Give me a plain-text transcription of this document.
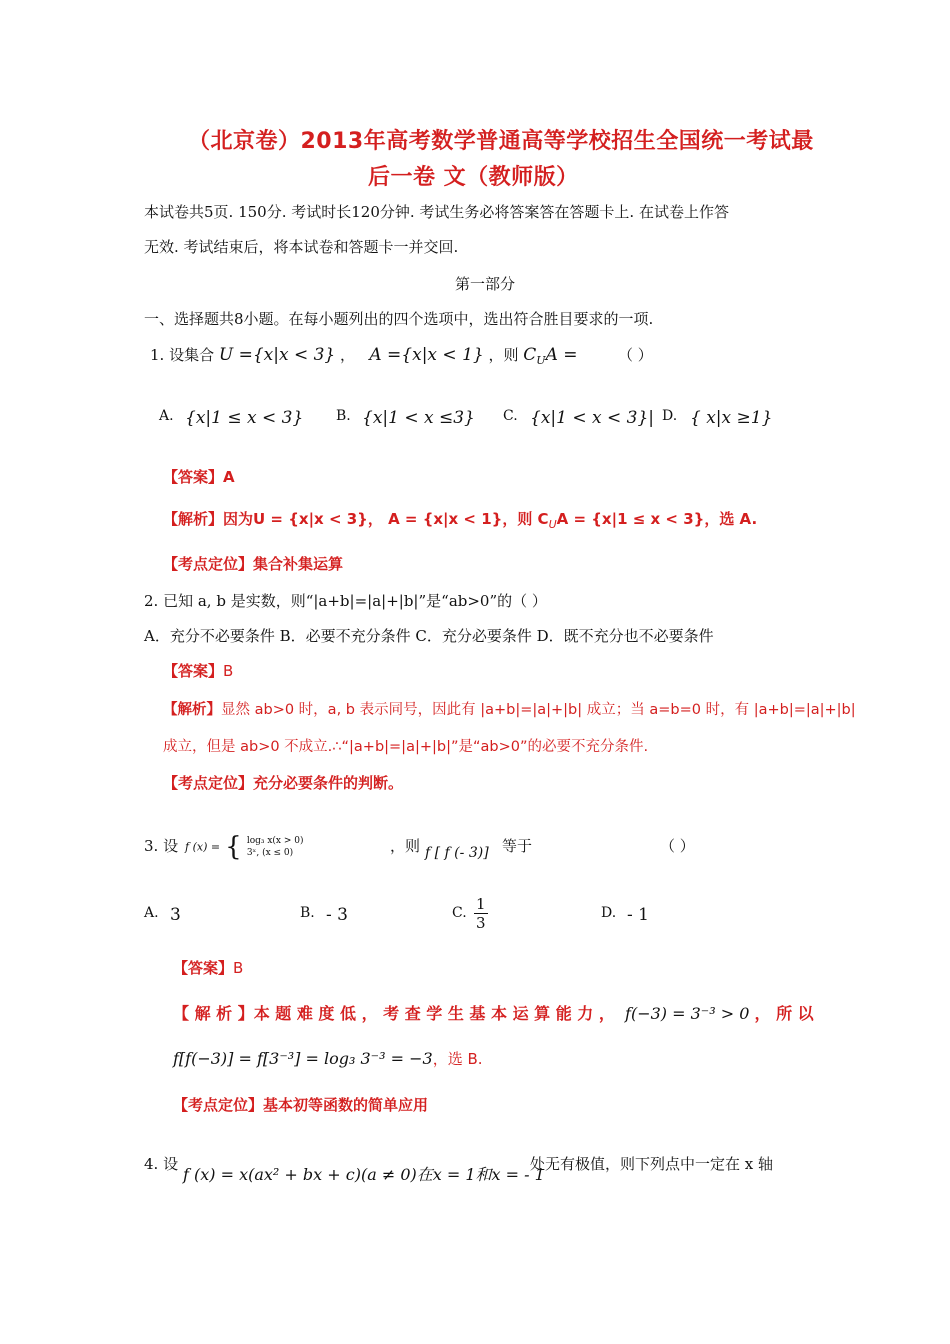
（北京卷）2013年高考数学普通高等学校招生全国统一考试最
后一卷 文（教师版）
本试卷共5页. 150分. 考试时长120分钟. 考试生务必将答案答在答题卡上. 在试卷上作答
无效. 考试结束后，将本试卷和答题卡一并交回.
第一部分
一、选择题共8小题。在每小题列出的四个选项中，选出符合胜目要求的一项.
1. 设集合 U ={x|x < 3} ， A ={x|x < 1} ，则 $C_UA$ =	（ ）
A. {x|1 ≤ x < 3} B. {x|1 < x ≤3} C. {x|1 < x < 3}| D. { x|x ≥1}
【答案】A
【解析】因为U = {x|x < 3}， A = {x|x < 1}，则 $C_UA = \{x|1 \le x < 3\}$，选 A.
【考点定位】集合补集运算
2. 已知 a, b 是实数，则“|a+b|=|a|+|b|”是“ab>0”的（ ）
A．充分不必要条件 B．必要不充分条件 C．充分必要条件 D．既不充分也不必要条件
【答案】B
【解析】显然 ab>0 时，a, b 表示同号，因此有 |a+b|=|a|+|b| 成立；当 a=b=0 时，有 |a+b|=|a|+|b|
成立，但是 ab>0 不成立.∴“|a+b|=|a|+|b|”是“ab>0”的必要不充分条件.
【考点定位】充分必要条件的判断。
3. 设 f (x) = { log₃ x(x > 0)
3ˣ, (x ≤ 0)	，则 f [ f (- 3)] 等于	（ ）
A. 3	B. - 3	C. $\frac{1}{3}$	D. - 1
【答案】B
【 解 析 】本 题 难 度 低 ， 考 查 学 生 基 本 运 算 能 力 ， f(−3) = 3⁻³ > 0 ， 所 以
f[f(−3)] = f[3⁻³] = log₃ 3⁻³ = −3，选 B.
【考点定位】基本初等函数的简单应用
4. 设
f (x) = x(ax² + bx + c)(a ≠ 0)在x = 1和x = - 1
处无有极值，则下列点中一定在 x 轴
